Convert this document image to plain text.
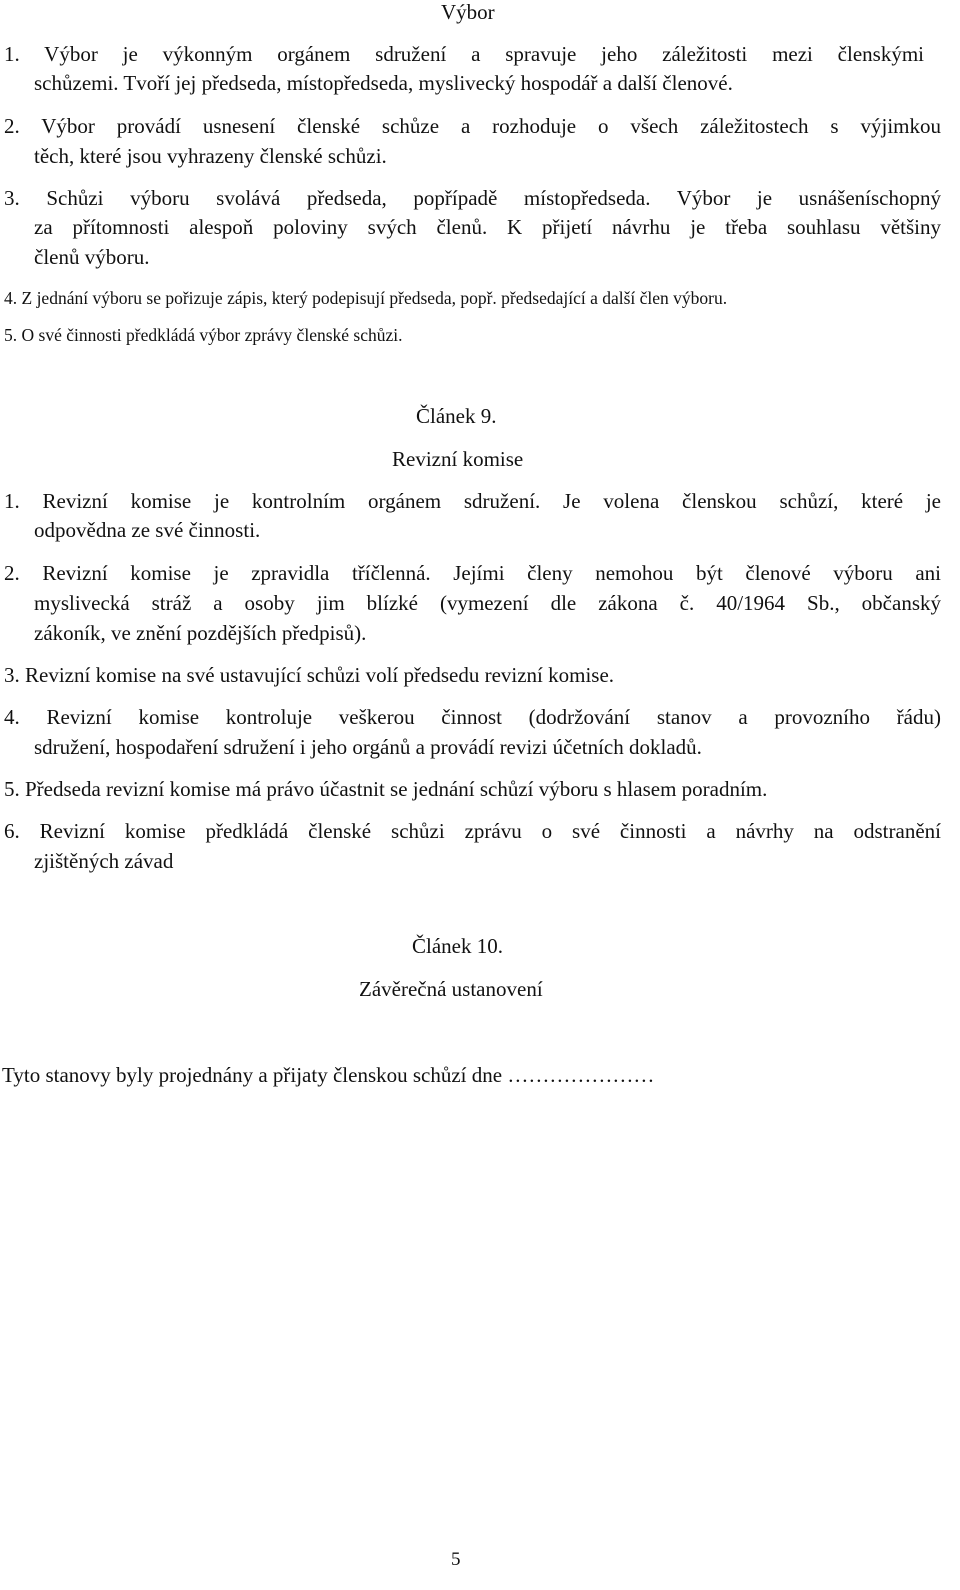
Výbor
1. Výbor je výkonným orgánem sdružení a spravuje jeho záležitosti mezi členskými
schůzemi. Tvoří jej předseda, místopředseda, myslivecký hospodář a další členové.
2. Výbor provádí usnesení členské schůze a rozhoduje o všech záležitostech s výjimkou
těch, které jsou vyhrazeny členské schůzi.
3. Schůzi výboru svolává předseda, popřípadě místopředseda. Výbor je usnášeníschopný
za přítomnosti alespoň poloviny svých členů. K přijetí návrhu je třeba souhlasu většiny
členů výboru.
4. Z jednání výboru se pořizuje zápis, který podepisují předseda, popř. předsedající a další člen výboru.
5. O své činnosti předkládá výbor zprávy členské schůzi.
Článek 9.
Revizní komise
1. Revizní komise je kontrolním orgánem sdružení. Je volena členskou schůzí, které je
odpovědna ze své činnosti.
2. Revizní komise je zpravidla tříčlenná. Jejími členy nemohou být členové výboru ani
myslivecká stráž a osoby jim blízké (vymezení dle zákona č. 40/1964 Sb., občanský
zákoník, ve znění pozdějších předpisů).
3. Revizní komise na své ustavující schůzi volí předsedu revizní komise.
4. Revizní komise kontroluje veškerou činnost (dodržování stanov a provozního řádu)
sdružení, hospodaření sdružení i jeho orgánů a provádí revizi účetních dokladů.
5. Předseda revizní komise má právo účastnit se jednání schůzí výboru s hlasem poradním.
6. Revizní komise předkládá členské schůzi zprávu o své činnosti a návrhy na odstranění
zjištěných závad
Článek 10.
Závěrečná ustanovení
Tyto stanovy byly projednány a přijaty členskou schůzí dne …………………
5
